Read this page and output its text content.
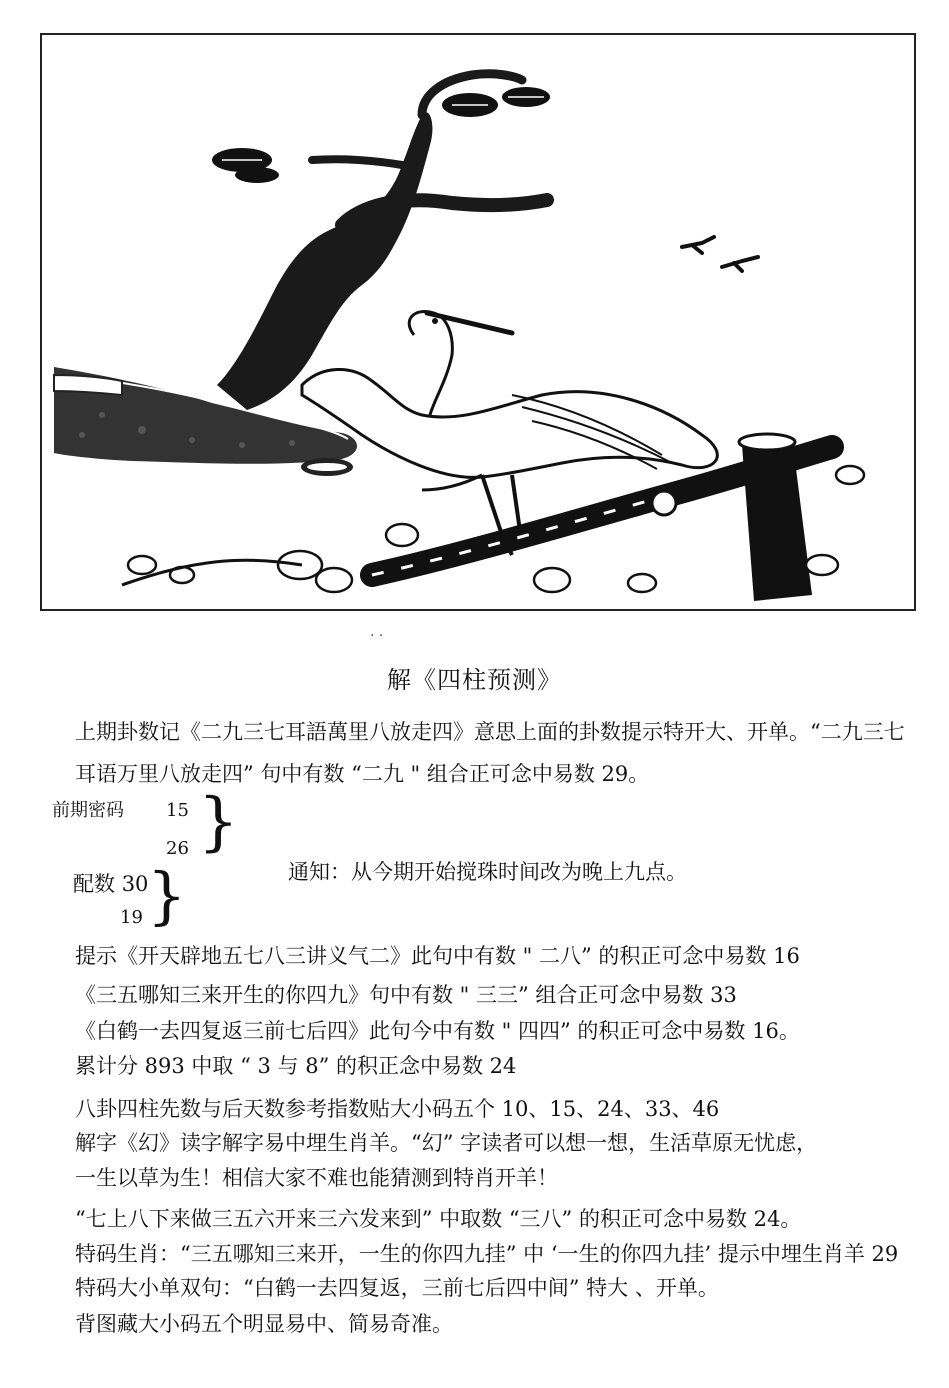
· ·
解《四柱预测》
上期卦数记《二九三七耳語萬里八放走四》意思上面的卦数提示特开大、开单。“二九三七
耳语万里八放走四” 句中有数 “二九 " 组合正可念中易数 29。
前期密码 15
26 }
配数 30
19 }	通知：从今期开始搅珠时间改为晚上九点。
提示《开天辟地五七八三讲义气二》此句中有数 " 二八” 的积正可念中易数 16
《三五哪知三来开生的你四九》句中有数 " 三三” 组合正可念中易数 33
《白鹤一去四复返三前七后四》此句今中有数 " 四四” 的积正可念中易数 16。
累计分 893 中取 “ 3 与 8” 的积正念中易数 24
八卦四柱先数与后天数参考指数贴大小码五个 10、15、24、33、46
解字《幻》读字解字易中埋生肖羊。“幻” 字读者可以想一想，生活草原无忧虑，
一生以草为生！相信大家不难也能猜测到特肖开羊！
“七上八下来做三五六开来三六发来到” 中取数 “三八” 的积正可念中易数 24。
特码生肖：“三五哪知三来开，一生的你四九挂” 中 ‘一生的你四九挂’ 提示中埋生肖羊 29
特码大小单双句：“白鹤一去四复返，三前七后四中间” 特大 、开单。
背图藏大小码五个明显易中、简易奇准。
